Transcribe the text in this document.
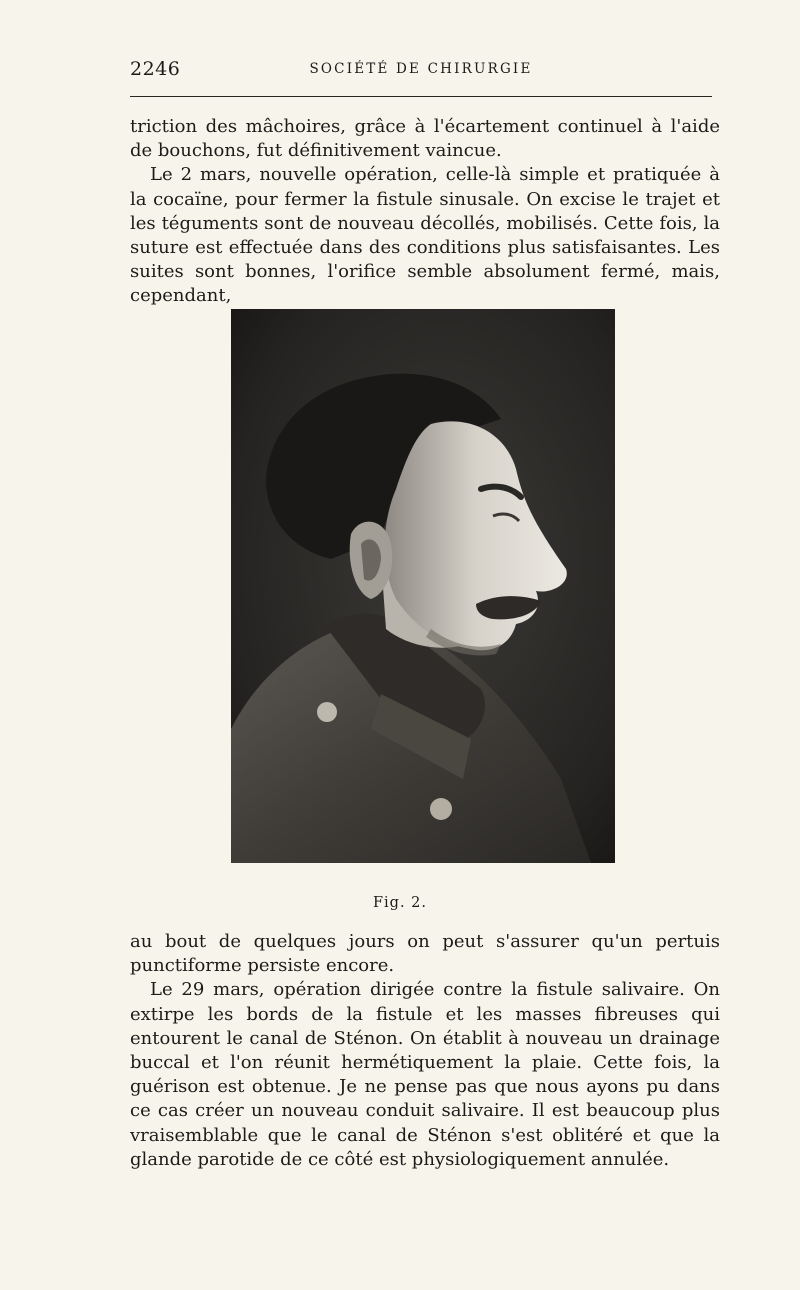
2246	SOCIÉTÉ DE CHIRURGIE

triction des mâchoires, grâce à l'écartement continuel à l'aide de bouchons, fut définitivement vaincue.

Le 2 mars, nouvelle opération, celle-là simple et pratiquée à la cocaïne, pour fermer la fistule sinusale. On excise le trajet et les téguments sont de nouveau décollés, mobilisés. Cette fois, la suture est effectuée dans des conditions plus satisfaisantes. Les suites sont bonnes, l'orifice semble absolument fermé, mais, cependant,

Fig. 2.

au bout de quelques jours on peut s'assurer qu'un pertuis punctiforme persiste encore.

Le 29 mars, opération dirigée contre la fistule salivaire. On extirpe les bords de la fistule et les masses fibreuses qui entourent le canal de Sténon. On établit à nouveau un drainage buccal et l'on réunit hermétiquement la plaie. Cette fois, la guérison est obtenue. Je ne pense pas que nous ayons pu dans ce cas créer un nouveau conduit salivaire. Il est beaucoup plus vraisemblable que le canal de Sténon s'est oblitéré et que la glande parotide de ce côté est physiologiquement annulée.
